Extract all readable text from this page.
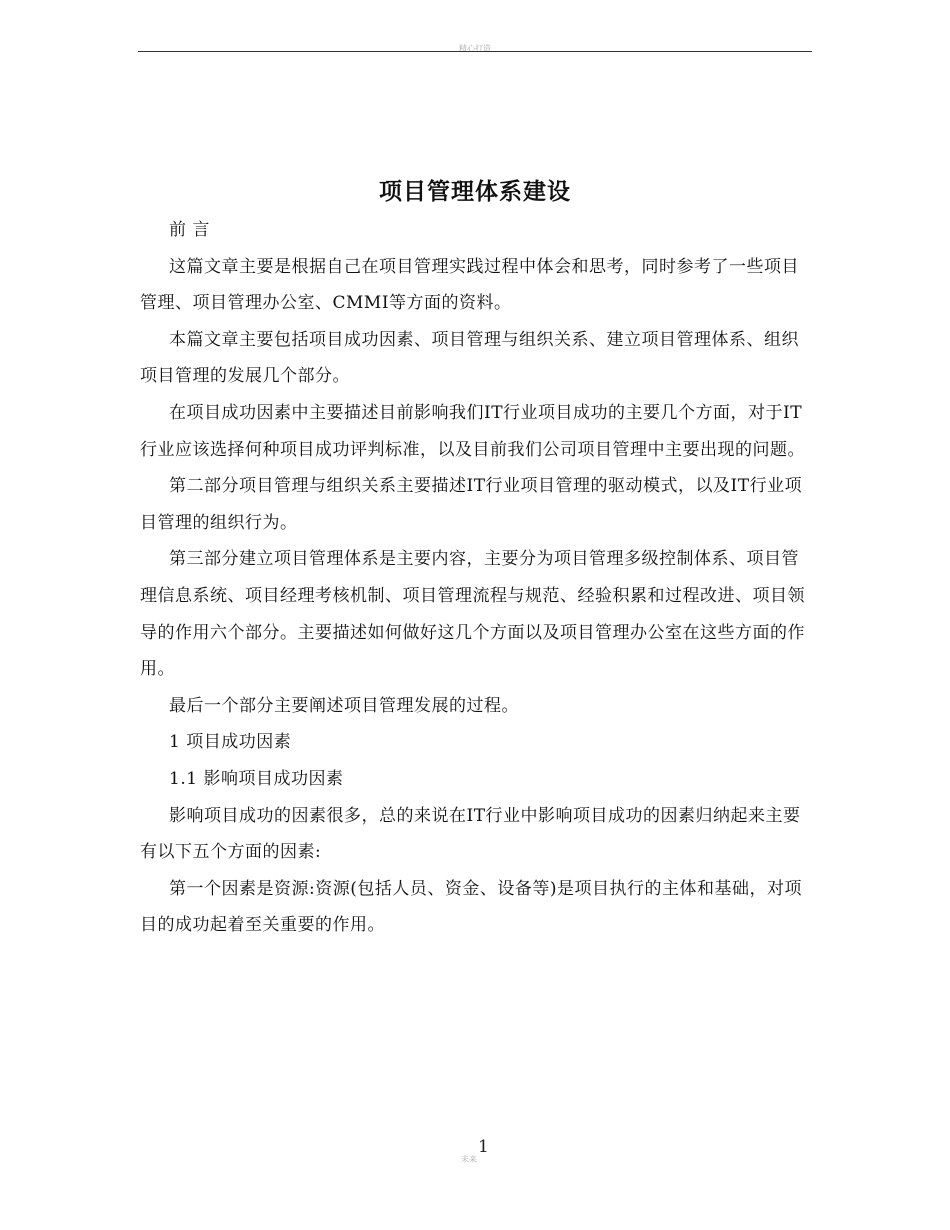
精心打造
项目管理体系建设

前 言

这篇文章主要是根据自己在项目管理实践过程中体会和思考，同时参考了一些项目管理、项目管理办公室、CMMI等方面的资料。

本篇文章主要包括项目成功因素、项目管理与组织关系、建立项目管理体系、组织项目管理的发展几个部分。

在项目成功因素中主要描述目前影响我们IT行业项目成功的主要几个方面，对于IT行业应该选择何种项目成功评判标准，以及目前我们公司项目管理中主要出现的问题。

第二部分项目管理与组织关系主要描述IT行业项目管理的驱动模式，以及IT行业项目管理的组织行为。

第三部分建立项目管理体系是主要内容，主要分为项目管理多级控制体系、项目管理信息系统、项目经理考核机制、项目管理流程与规范、经验积累和过程改进、项目领导的作用六个部分。主要描述如何做好这几个方面以及项目管理办公室在这些方面的作用。

最后一个部分主要阐述项目管理发展的过程。

1 项目成功因素

1.1 影响项目成功因素

影响项目成功的因素很多，总的来说在IT行业中影响项目成功的因素归纳起来主要有以下五个方面的因素:

第一个因素是资源:资源(包括人员、资金、设备等)是项目执行的主体和基础，对项目的成功起着至关重要的作用。

1
未来
